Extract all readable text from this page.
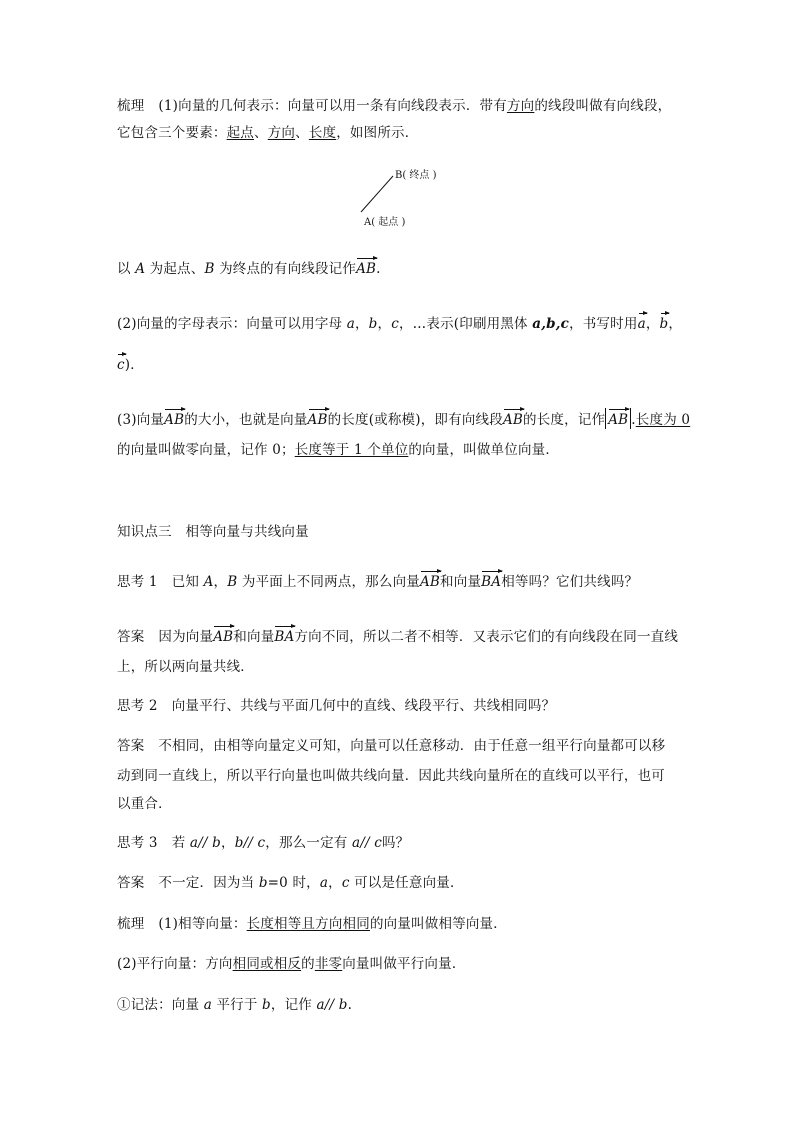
梳理 (1)向量的几何表示：向量可以用一条有向线段表示．带有方向的线段叫做有向线段，
它包含三个要素：起点、方向、长度，如图所示．
B( 终点 )
A( 起点 )
以 A 为起点、B 为终点的有向线段记作AB.
(2)向量的字母表示：向量可以用字母 a，b，c，…表示(印刷用黑体 a,b,c，书写时用a，b，
c)．
(3)向量AB的大小，也就是向量AB的长度(或称模)，即有向线段AB的长度，记作 AB .长度为 0
的向量叫做零向量，记作 0；长度等于 1 个单位的向量，叫做单位向量．
知识点三　相等向量与共线向量
思考 1 已知 A，B 为平面上不同两点，那么向量AB和向量BA相等吗？它们共线吗？
答案 因为向量AB和向量BA方向不同，所以二者不相等．又表示它们的有向线段在同一直线
上，所以两向量共线．
思考 2 向量平行、共线与平面几何中的直线、线段平行、共线相同吗？
答案 不相同，由相等向量定义可知，向量可以任意移动．由于任意一组平行向量都可以移
动到同一直线上，所以平行向量也叫做共线向量．因此共线向量所在的直线可以平行，也可
以重合．
思考 3 若 a// b，b// c，那么一定有 a// c吗？
答案 不一定．因为当 b=0 时，a，c 可以是任意向量．
梳理 (1)相等向量：长度相等且方向相同的向量叫做相等向量．
(2)平行向量：方向相同或相反的非零向量叫做平行向量．
①记法：向量 a 平行于 b，记作 a// b.
